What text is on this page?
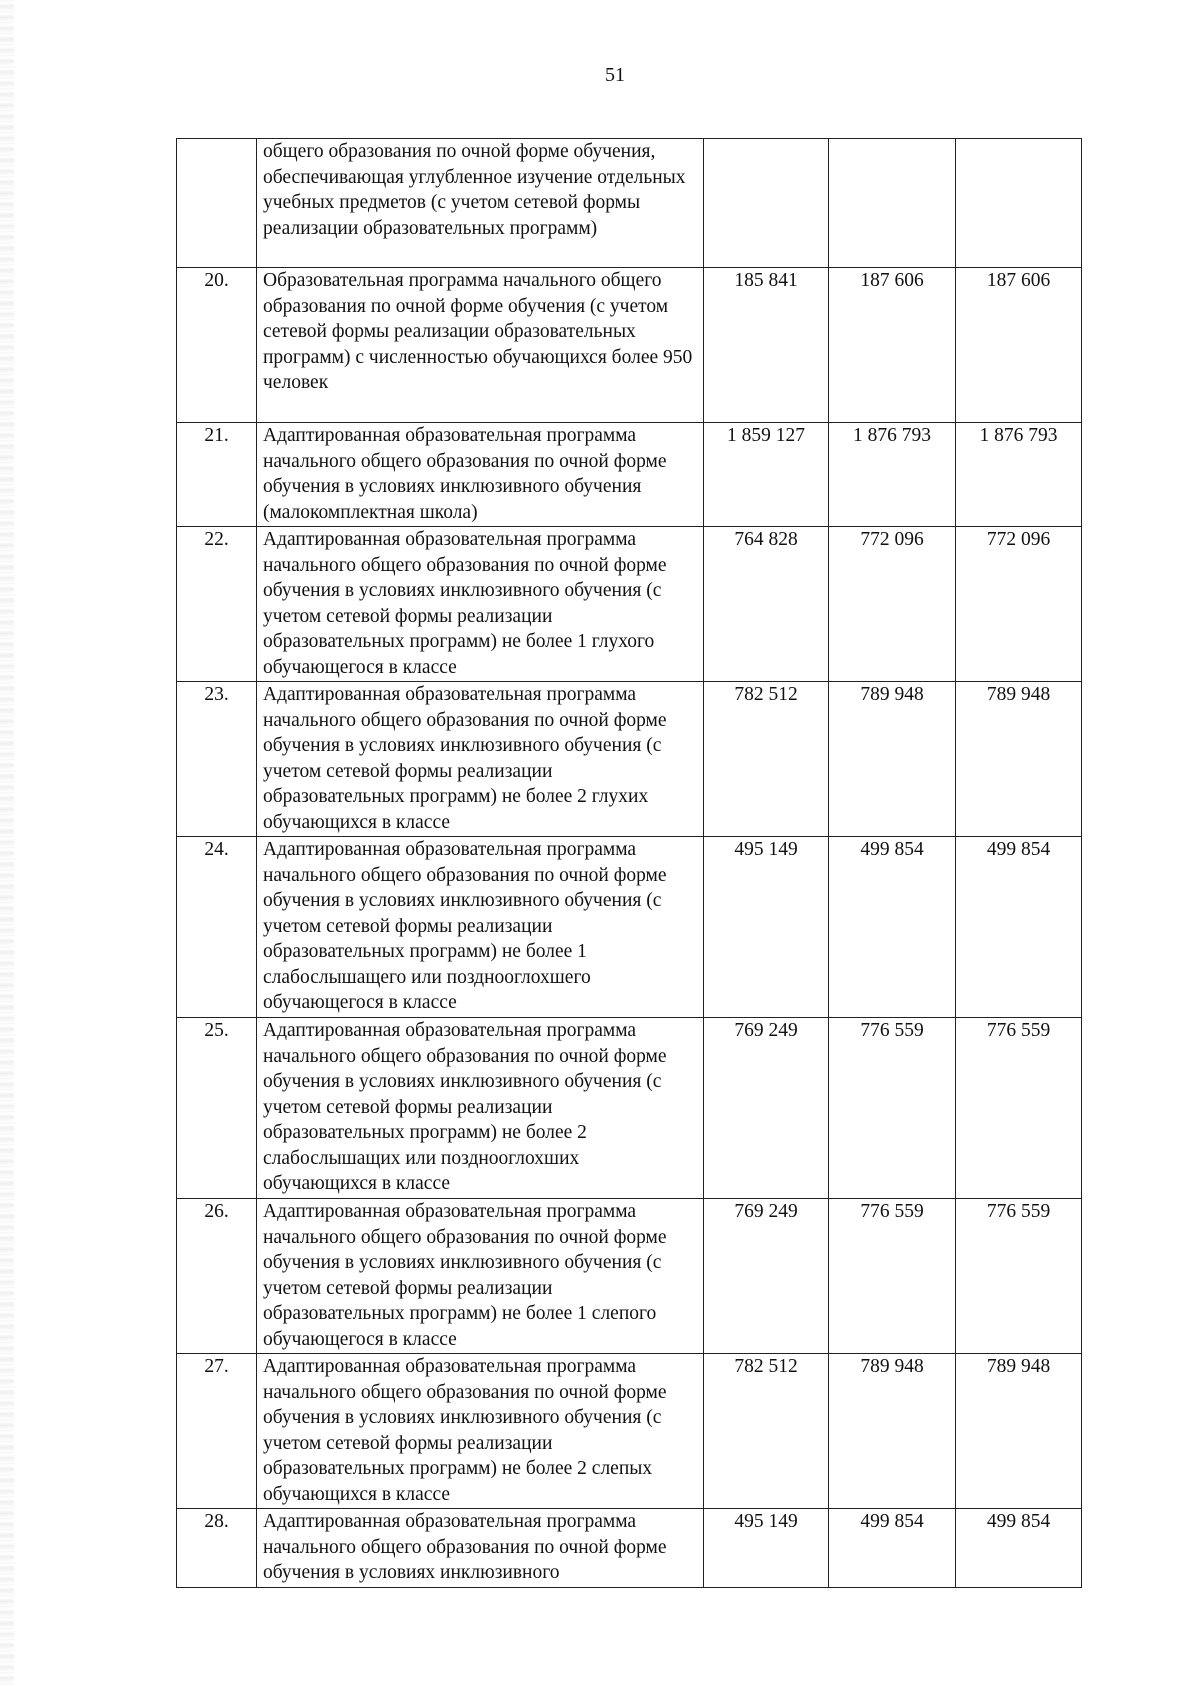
51
	общего образования по очной форме обучения, обеспечивающая углубленное изучение отдельных учебных предметов (с учетом сетевой формы реализации образовательных программ)			
20.	Образовательная программа начального общего образования по очной форме обучения (с учетом сетевой формы реализации образовательных программ) с численностью обучающихся более 950 человек	185 841	187 606	187 606
21.	Адаптированная образовательная программа начального общего образования по очной форме обучения в условиях инклюзивного обучения (малокомплектная школа)	1 859 127	1 876 793	1 876 793
22.	Адаптированная образовательная программа начального общего образования по очной форме обучения в условиях инклюзивного обучения (с учетом сетевой формы реализации образовательных программ) не более 1 глухого обучающегося в классе	764 828	772 096	772 096
23.	Адаптированная образовательная программа начального общего образования по очной форме обучения в условиях инклюзивного обучения (с учетом сетевой формы реализации образовательных программ) не более 2 глухих обучающихся в классе	782 512	789 948	789 948
24.	Адаптированная образовательная программа начального общего образования по очной форме обучения в условиях инклюзивного обучения (с учетом сетевой формы реализации образовательных программ) не более 1 слабослышащего или позднооглохшего обучающегося в классе	495 149	499 854	499 854
25.	Адаптированная образовательная программа начального общего образования по очной форме обучения в условиях инклюзивного обучения (с учетом сетевой формы реализации образовательных программ) не более 2 слабослышащих или позднооглохших обучающихся в классе	769 249	776 559	776 559
26.	Адаптированная образовательная программа начального общего образования по очной форме обучения в условиях инклюзивного обучения (с учетом сетевой формы реализации образовательных программ) не более 1 слепого обучающегося в классе	769 249	776 559	776 559
27.	Адаптированная образовательная программа начального общего образования по очной форме обучения в условиях инклюзивного обучения (с учетом сетевой формы реализации образовательных программ) не более 2 слепых обучающихся в классе	782 512	789 948	789 948
28.	Адаптированная образовательная программа начального общего образования по очной форме обучения в условиях инклюзивного	495 149	499 854	499 854
